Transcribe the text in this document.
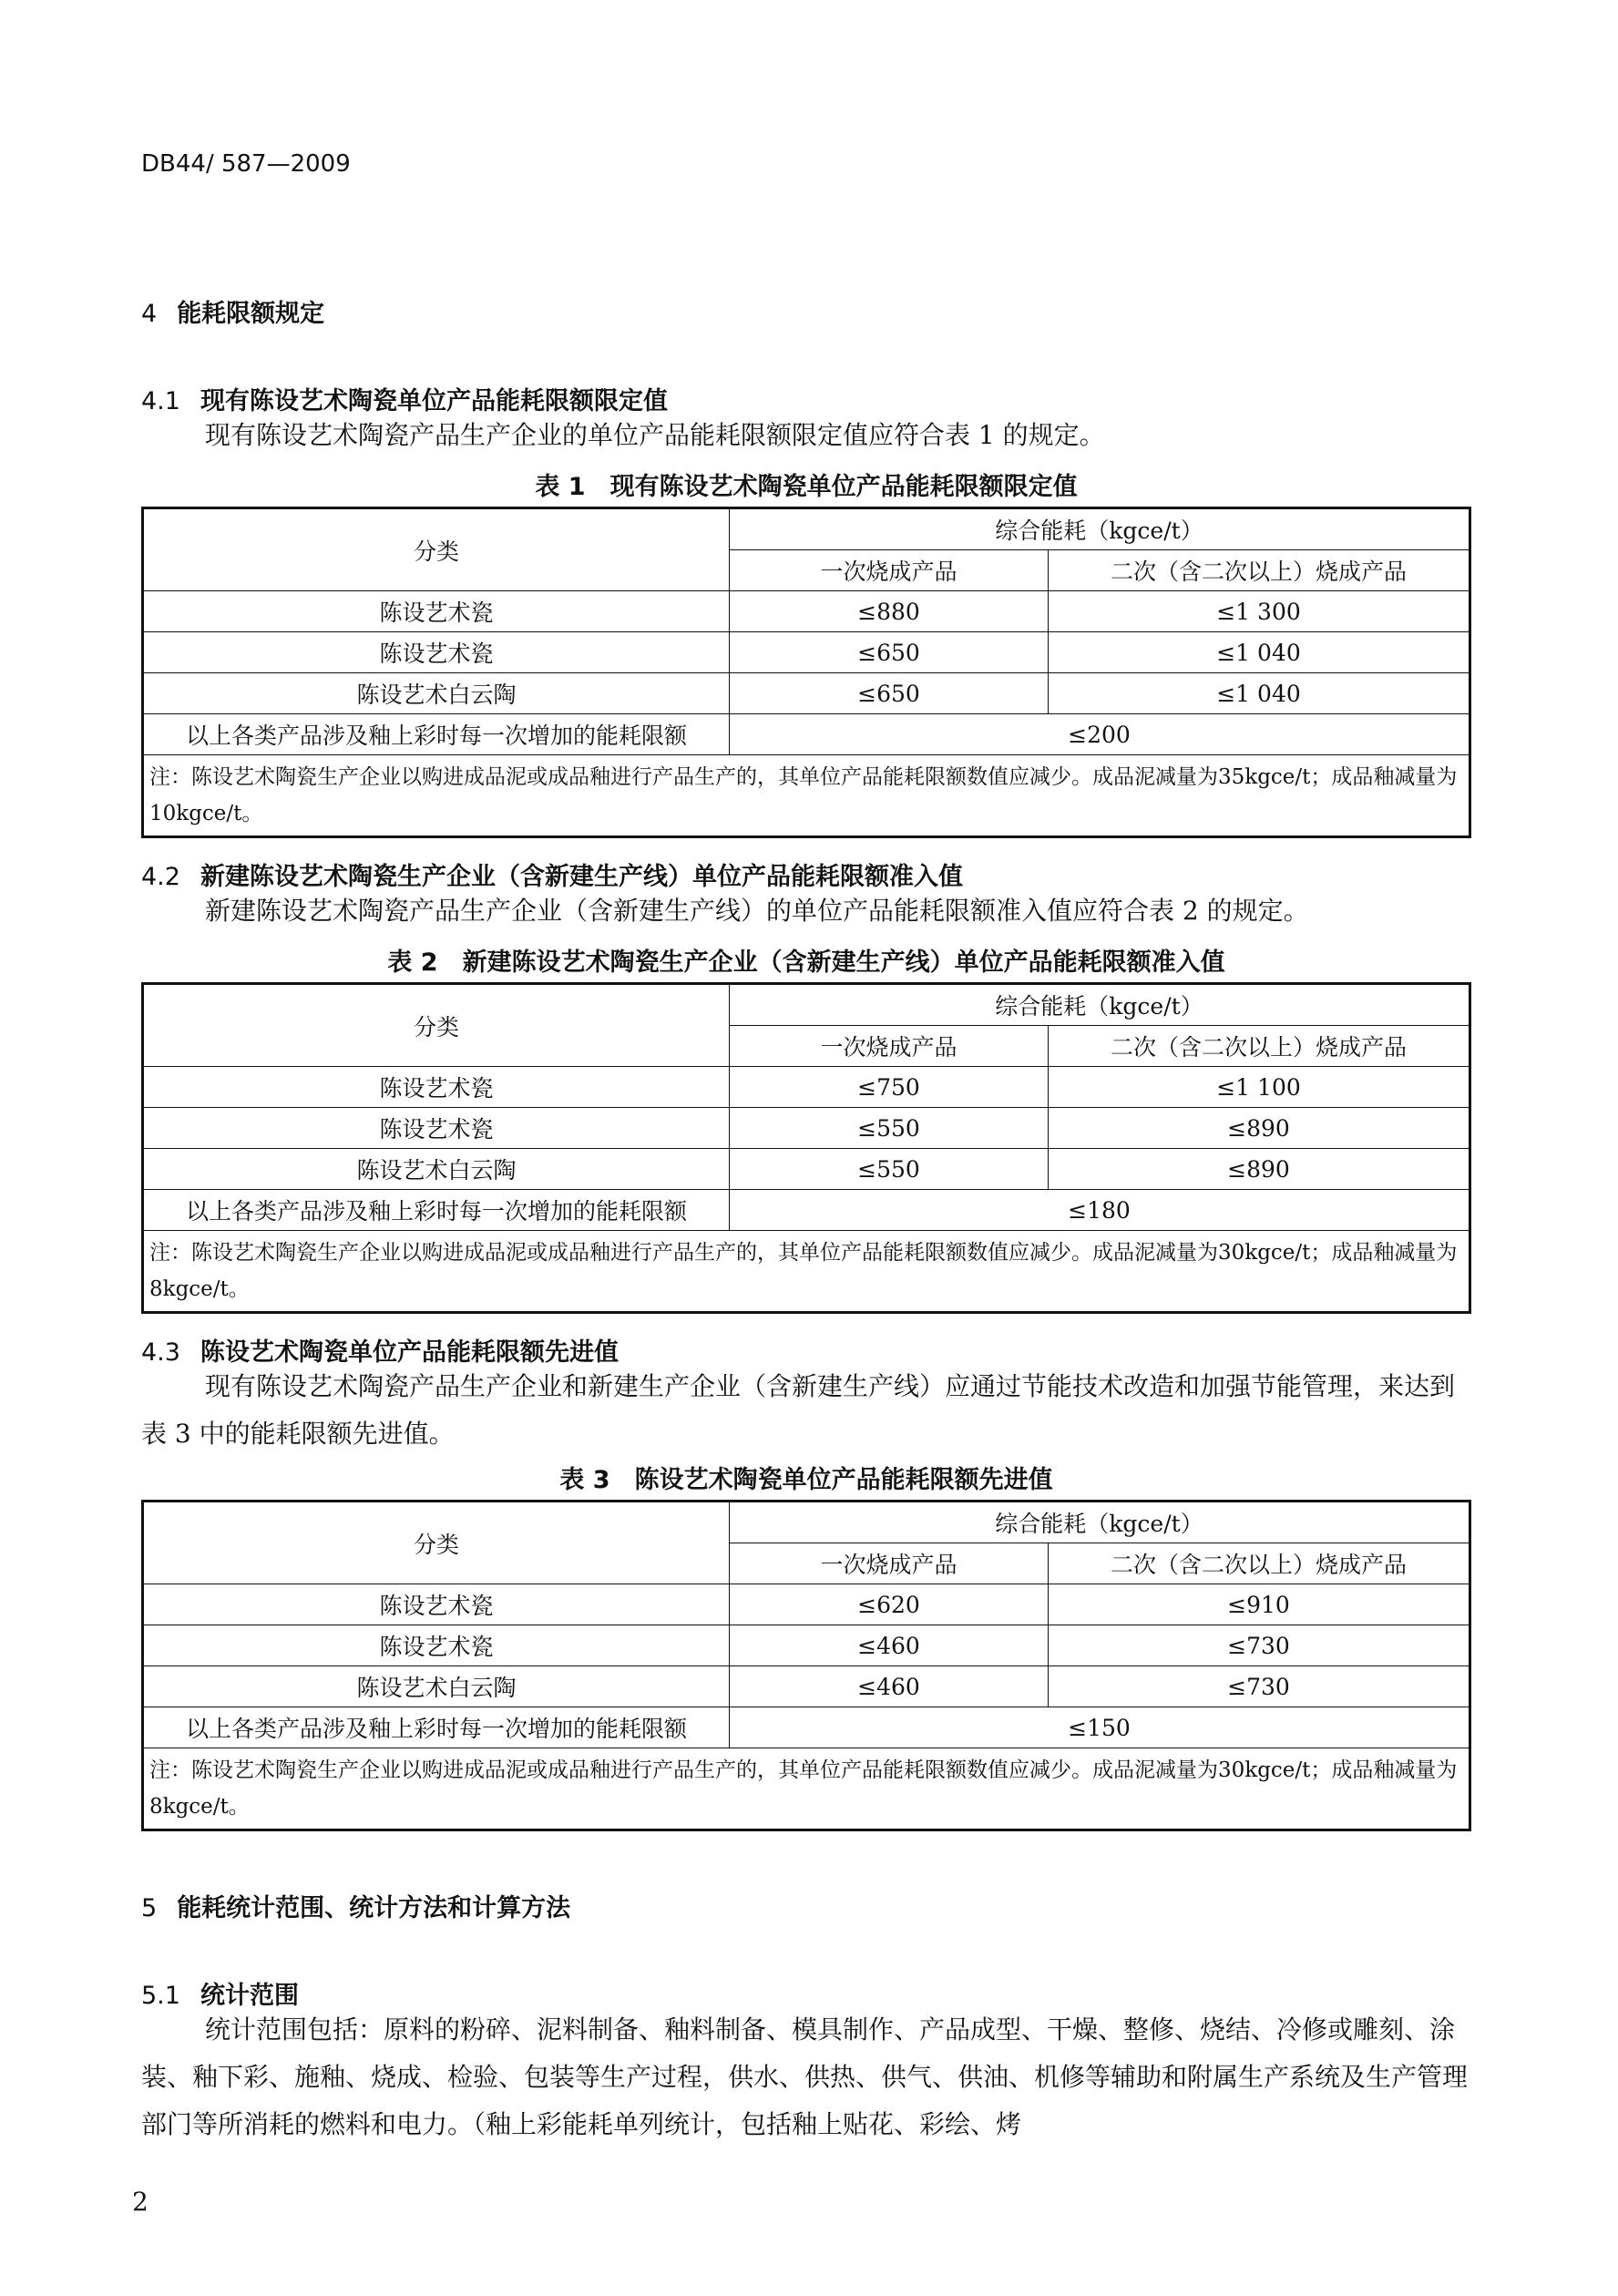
DB44/ 587—2009
4 能耗限额规定
4.1 现有陈设艺术陶瓷单位产品能耗限额限定值
现有陈设艺术陶瓷产品生产企业的单位产品能耗限额限定值应符合表 1 的规定。
表 1　现有陈设艺术陶瓷单位产品能耗限额限定值
分类	综合能耗（kgce/t）	
	一次烧成产品	二次（含二次以上）烧成产品
陈设艺术瓷	≤880	≤1 300
陈设艺术瓷	≤650	≤1 040
陈设艺术白云陶	≤650	≤1 040
以上各类产品涉及釉上彩时每一次增加的能耗限额	≤200	
注：陈设艺术陶瓷生产企业以购进成品泥或成品釉进行产品生产的，其单位产品能耗限额数值应减少。成品泥减量为35kgce/t；成品釉减量为 10kgce/t。		
4.2 新建陈设艺术陶瓷生产企业（含新建生产线）单位产品能耗限额准入值
新建陈设艺术陶瓷产品生产企业（含新建生产线）的单位产品能耗限额准入值应符合表 2 的规定。
表 2　新建陈设艺术陶瓷生产企业（含新建生产线）单位产品能耗限额准入值
分类	综合能耗（kgce/t）	
	一次烧成产品	二次（含二次以上）烧成产品
陈设艺术瓷	≤750	≤1 100
陈设艺术瓷	≤550	≤890
陈设艺术白云陶	≤550	≤890
以上各类产品涉及釉上彩时每一次增加的能耗限额	≤180	
注：陈设艺术陶瓷生产企业以购进成品泥或成品釉进行产品生产的，其单位产品能耗限额数值应减少。成品泥减量为30kgce/t；成品釉减量为 8kgce/t。		
4.3 陈设艺术陶瓷单位产品能耗限额先进值
现有陈设艺术陶瓷产品生产企业和新建生产企业（含新建生产线）应通过节能技术改造和加强节能管理，来达到表 3 中的能耗限额先进值。
表 3　陈设艺术陶瓷单位产品能耗限额先进值
分类	综合能耗（kgce/t）	
	一次烧成产品	二次（含二次以上）烧成产品
陈设艺术瓷	≤620	≤910
陈设艺术瓷	≤460	≤730
陈设艺术白云陶	≤460	≤730
以上各类产品涉及釉上彩时每一次增加的能耗限额	≤150	
注：陈设艺术陶瓷生产企业以购进成品泥或成品釉进行产品生产的，其单位产品能耗限额数值应减少。成品泥减量为30kgce/t；成品釉减量为 8kgce/t。		
5 能耗统计范围、统计方法和计算方法
5.1 统计范围
统计范围包括：原料的粉碎、泥料制备、釉料制备、模具制作、产品成型、干燥、整修、烧结、冷修或雕刻、涂装、釉下彩、施釉、烧成、检验、包装等生产过程，供水、供热、供气、供油、机修等辅助和附属生产系统及生产管理部门等所消耗的燃料和电力。（釉上彩能耗单列统计，包括釉上贴花、彩绘、烤
2
